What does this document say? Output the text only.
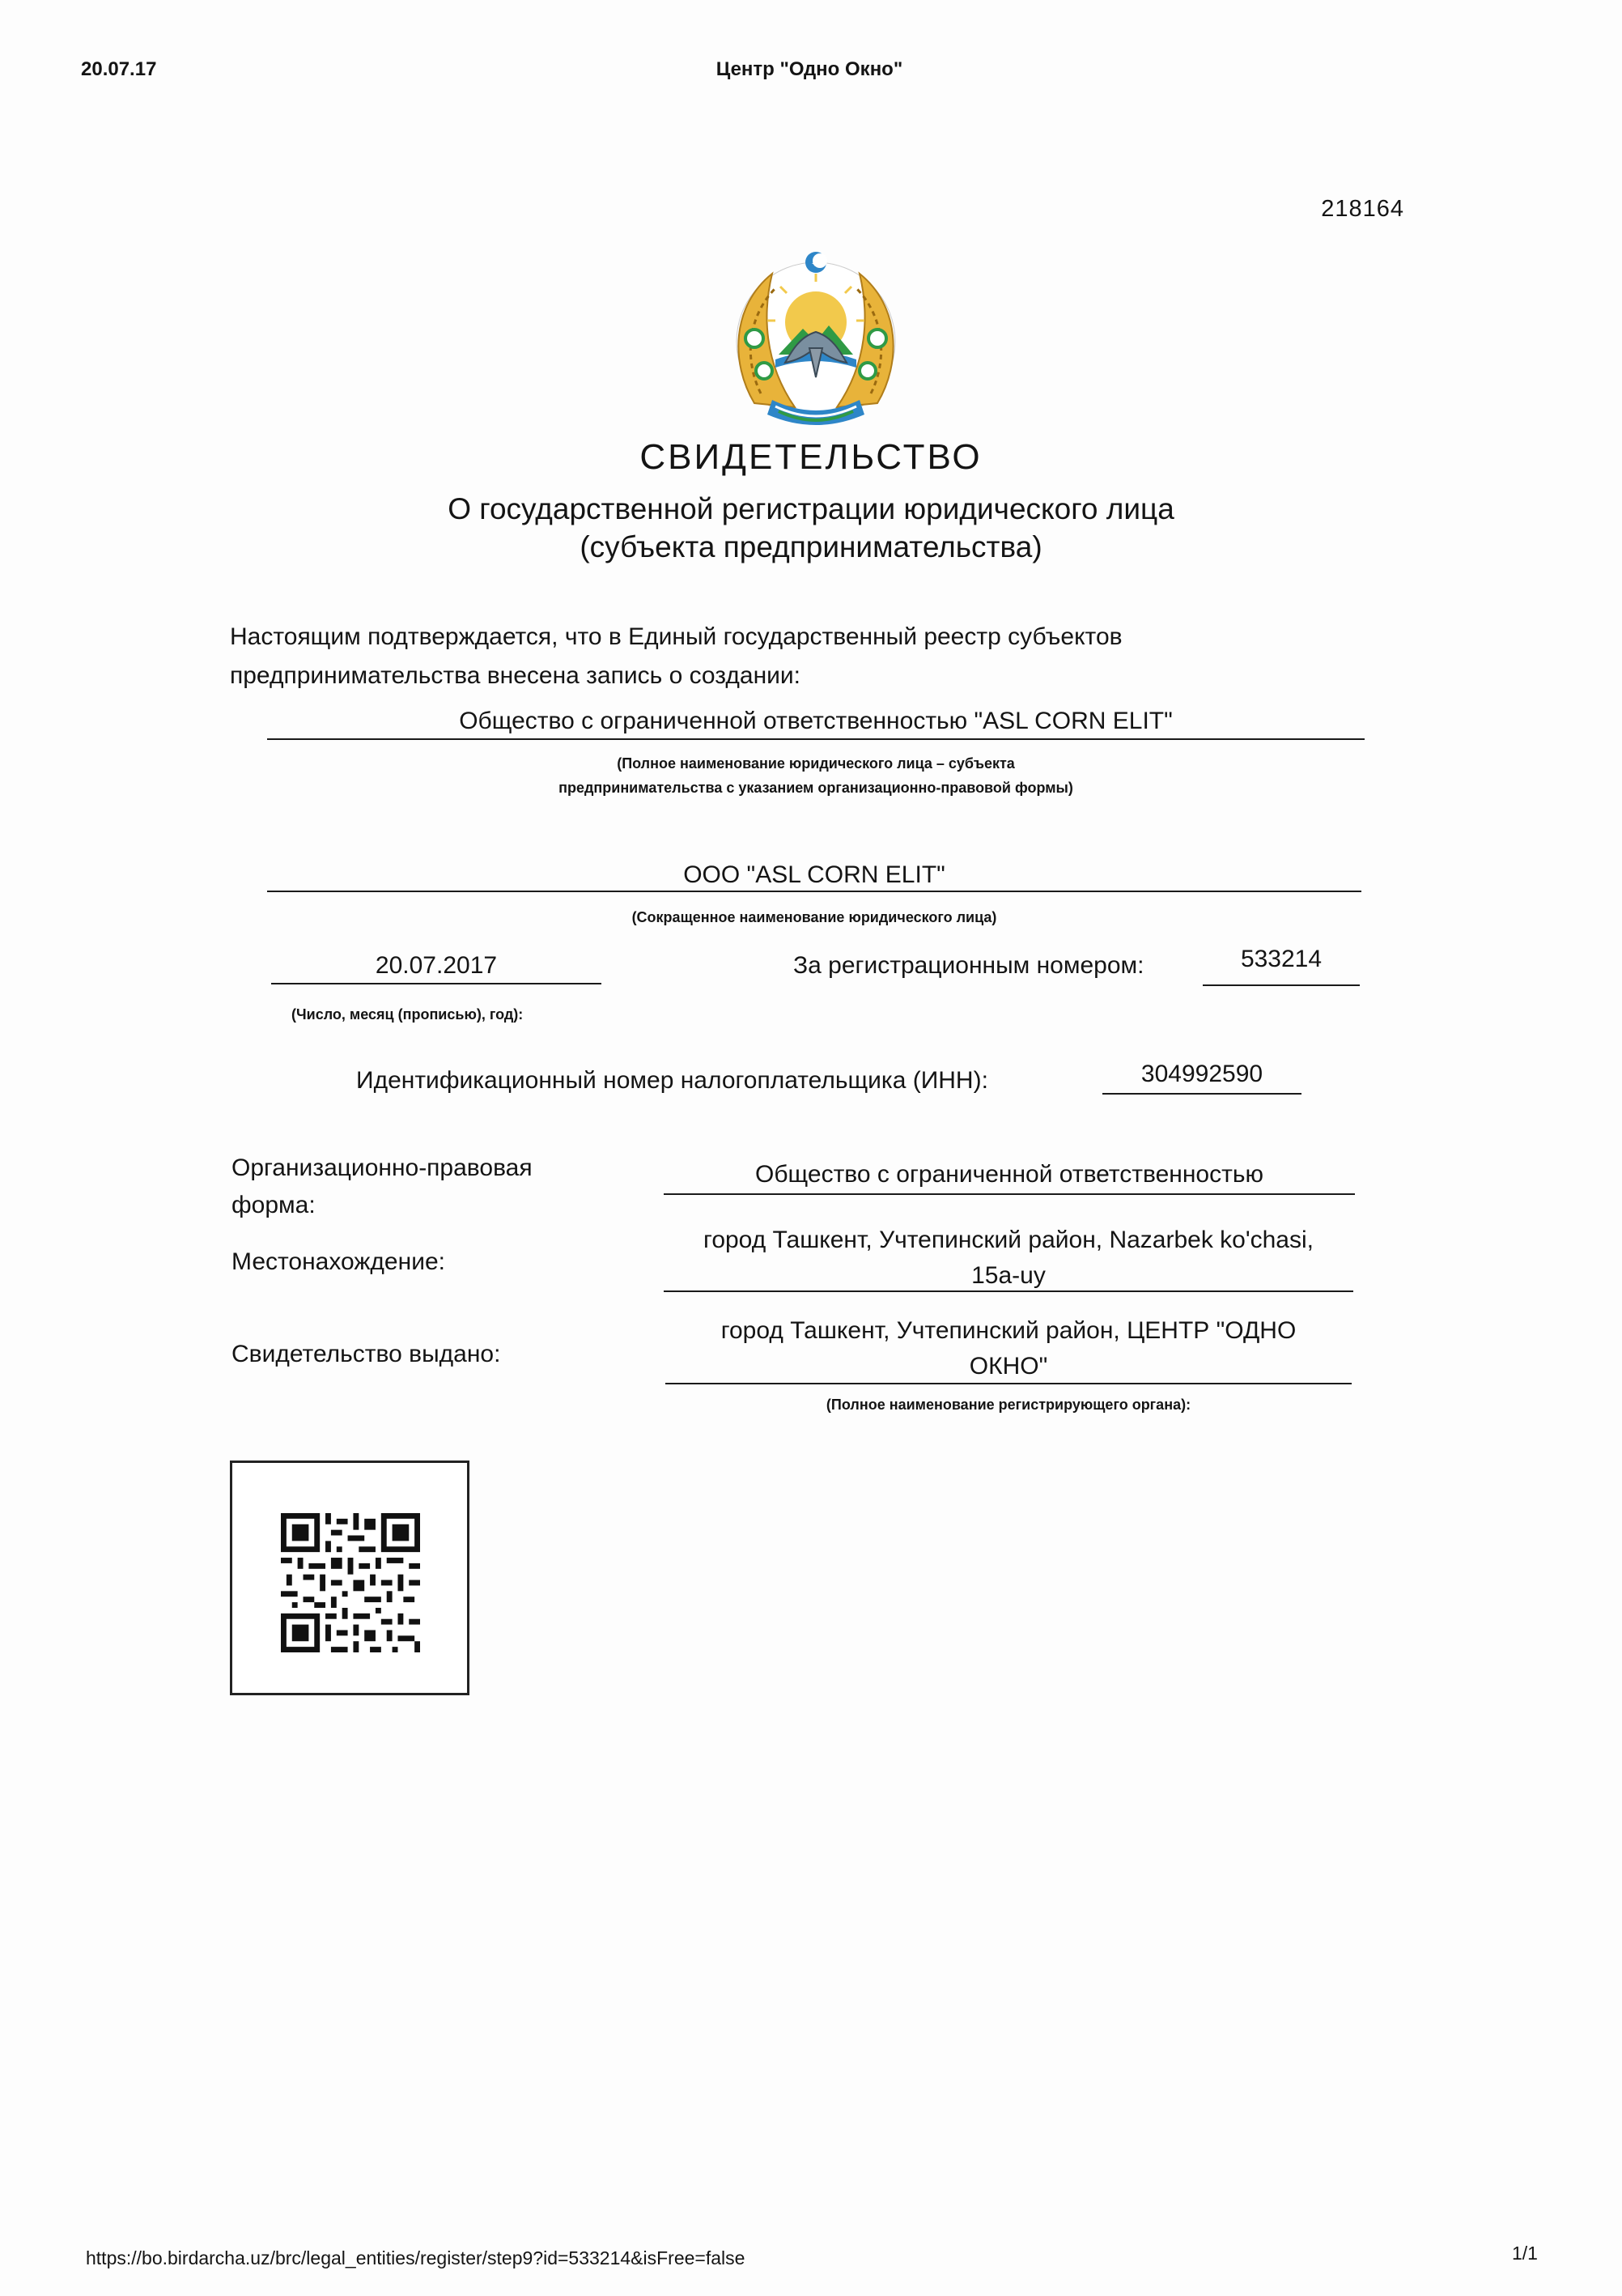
20.07.17	Центр "Одно Окно"
218164
✦
СВИДЕТЕЛЬСТВО
О государственной регистрации юридического лица
(субъекта предпринимательства)
Настоящим подтверждается, что в Единый государственный реестр субъектов
предпринимательства внесена запись о создании:
Общество с ограниченной ответственностью "ASL CORN ELIT"
(Полное наименование юридического лица – субъекта
предпринимательства с указанием организационно-правовой формы)
ООО "ASL CORN ELIT"
(Сокращенное наименование юридического лица)
20.07.2017
(Число, месяц (прописью), год):
За регистрационным номером:	533214
Идентификационный номер налогоплательщика (ИНН):	304992590
Организационно-правовая
форма:
Общество с ограниченной ответственностью
Местонахождение:
город Ташкент, Учтепинский район, Nazarbek ko'chasi,
15a-uy
Свидетельство выдано:
город Ташкент, Учтепинский район, ЦЕНТР "ОДНО
ОКНО"
(Полное наименование регистрирующего органа):
https://bo.birdarcha.uz/brc/legal_entities/register/step9?id=533214&isFree=false	1/1
